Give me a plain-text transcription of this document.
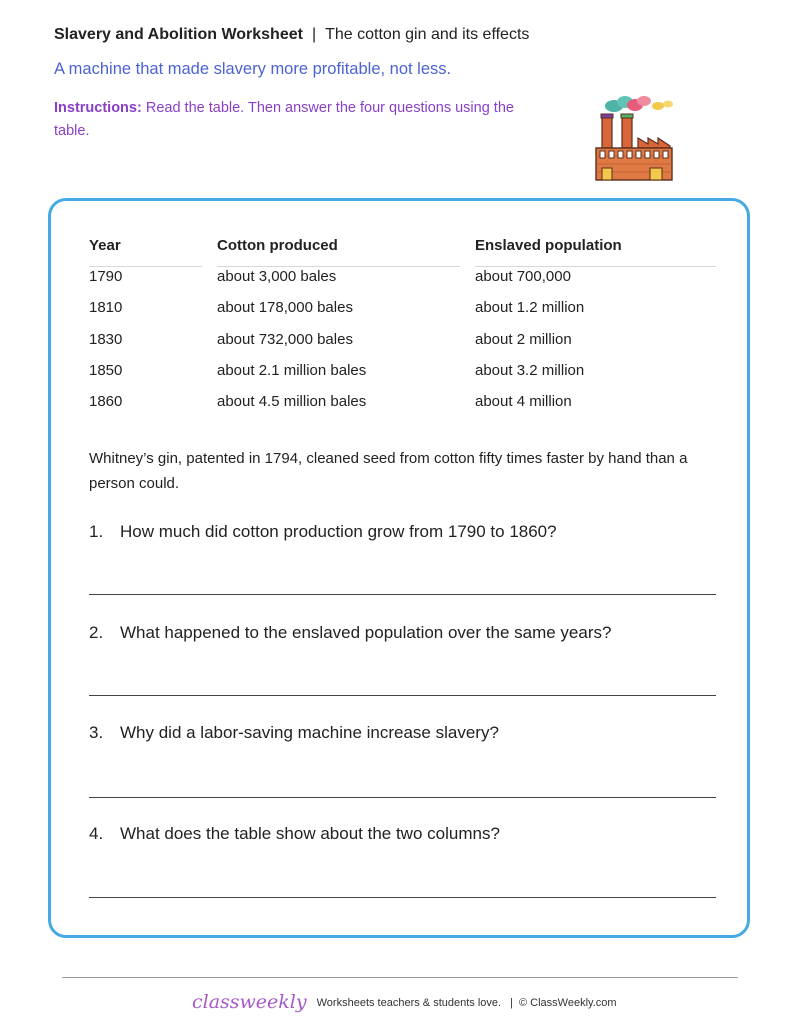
Slavery and Abolition Worksheet | The cotton gin and its effects
A machine that made slavery more profitable, not less.
Instructions: Read the table. Then answer the four questions using the table.
Year	Cotton produced	Enslaved population
1790	about 3,000 bales	about 700,000
1810	about 178,000 bales	about 1.2 million
1830	about 732,000 bales	about 2 million
1850	about 2.1 million bales	about 3.2 million
1860	about 4.5 million bales	about 4 million
Whitney’s gin, patented in 1794, cleaned seed from cotton fifty times faster by hand than a person could.
1. How much did cotton production grow from 1790 to 1860?
2. What happened to the enslaved population over the same years?
3. Why did a labor-saving machine increase slavery?
4. What does the table show about the two columns?
classweekly Worksheets teachers & students love. | © ClassWeekly.com
